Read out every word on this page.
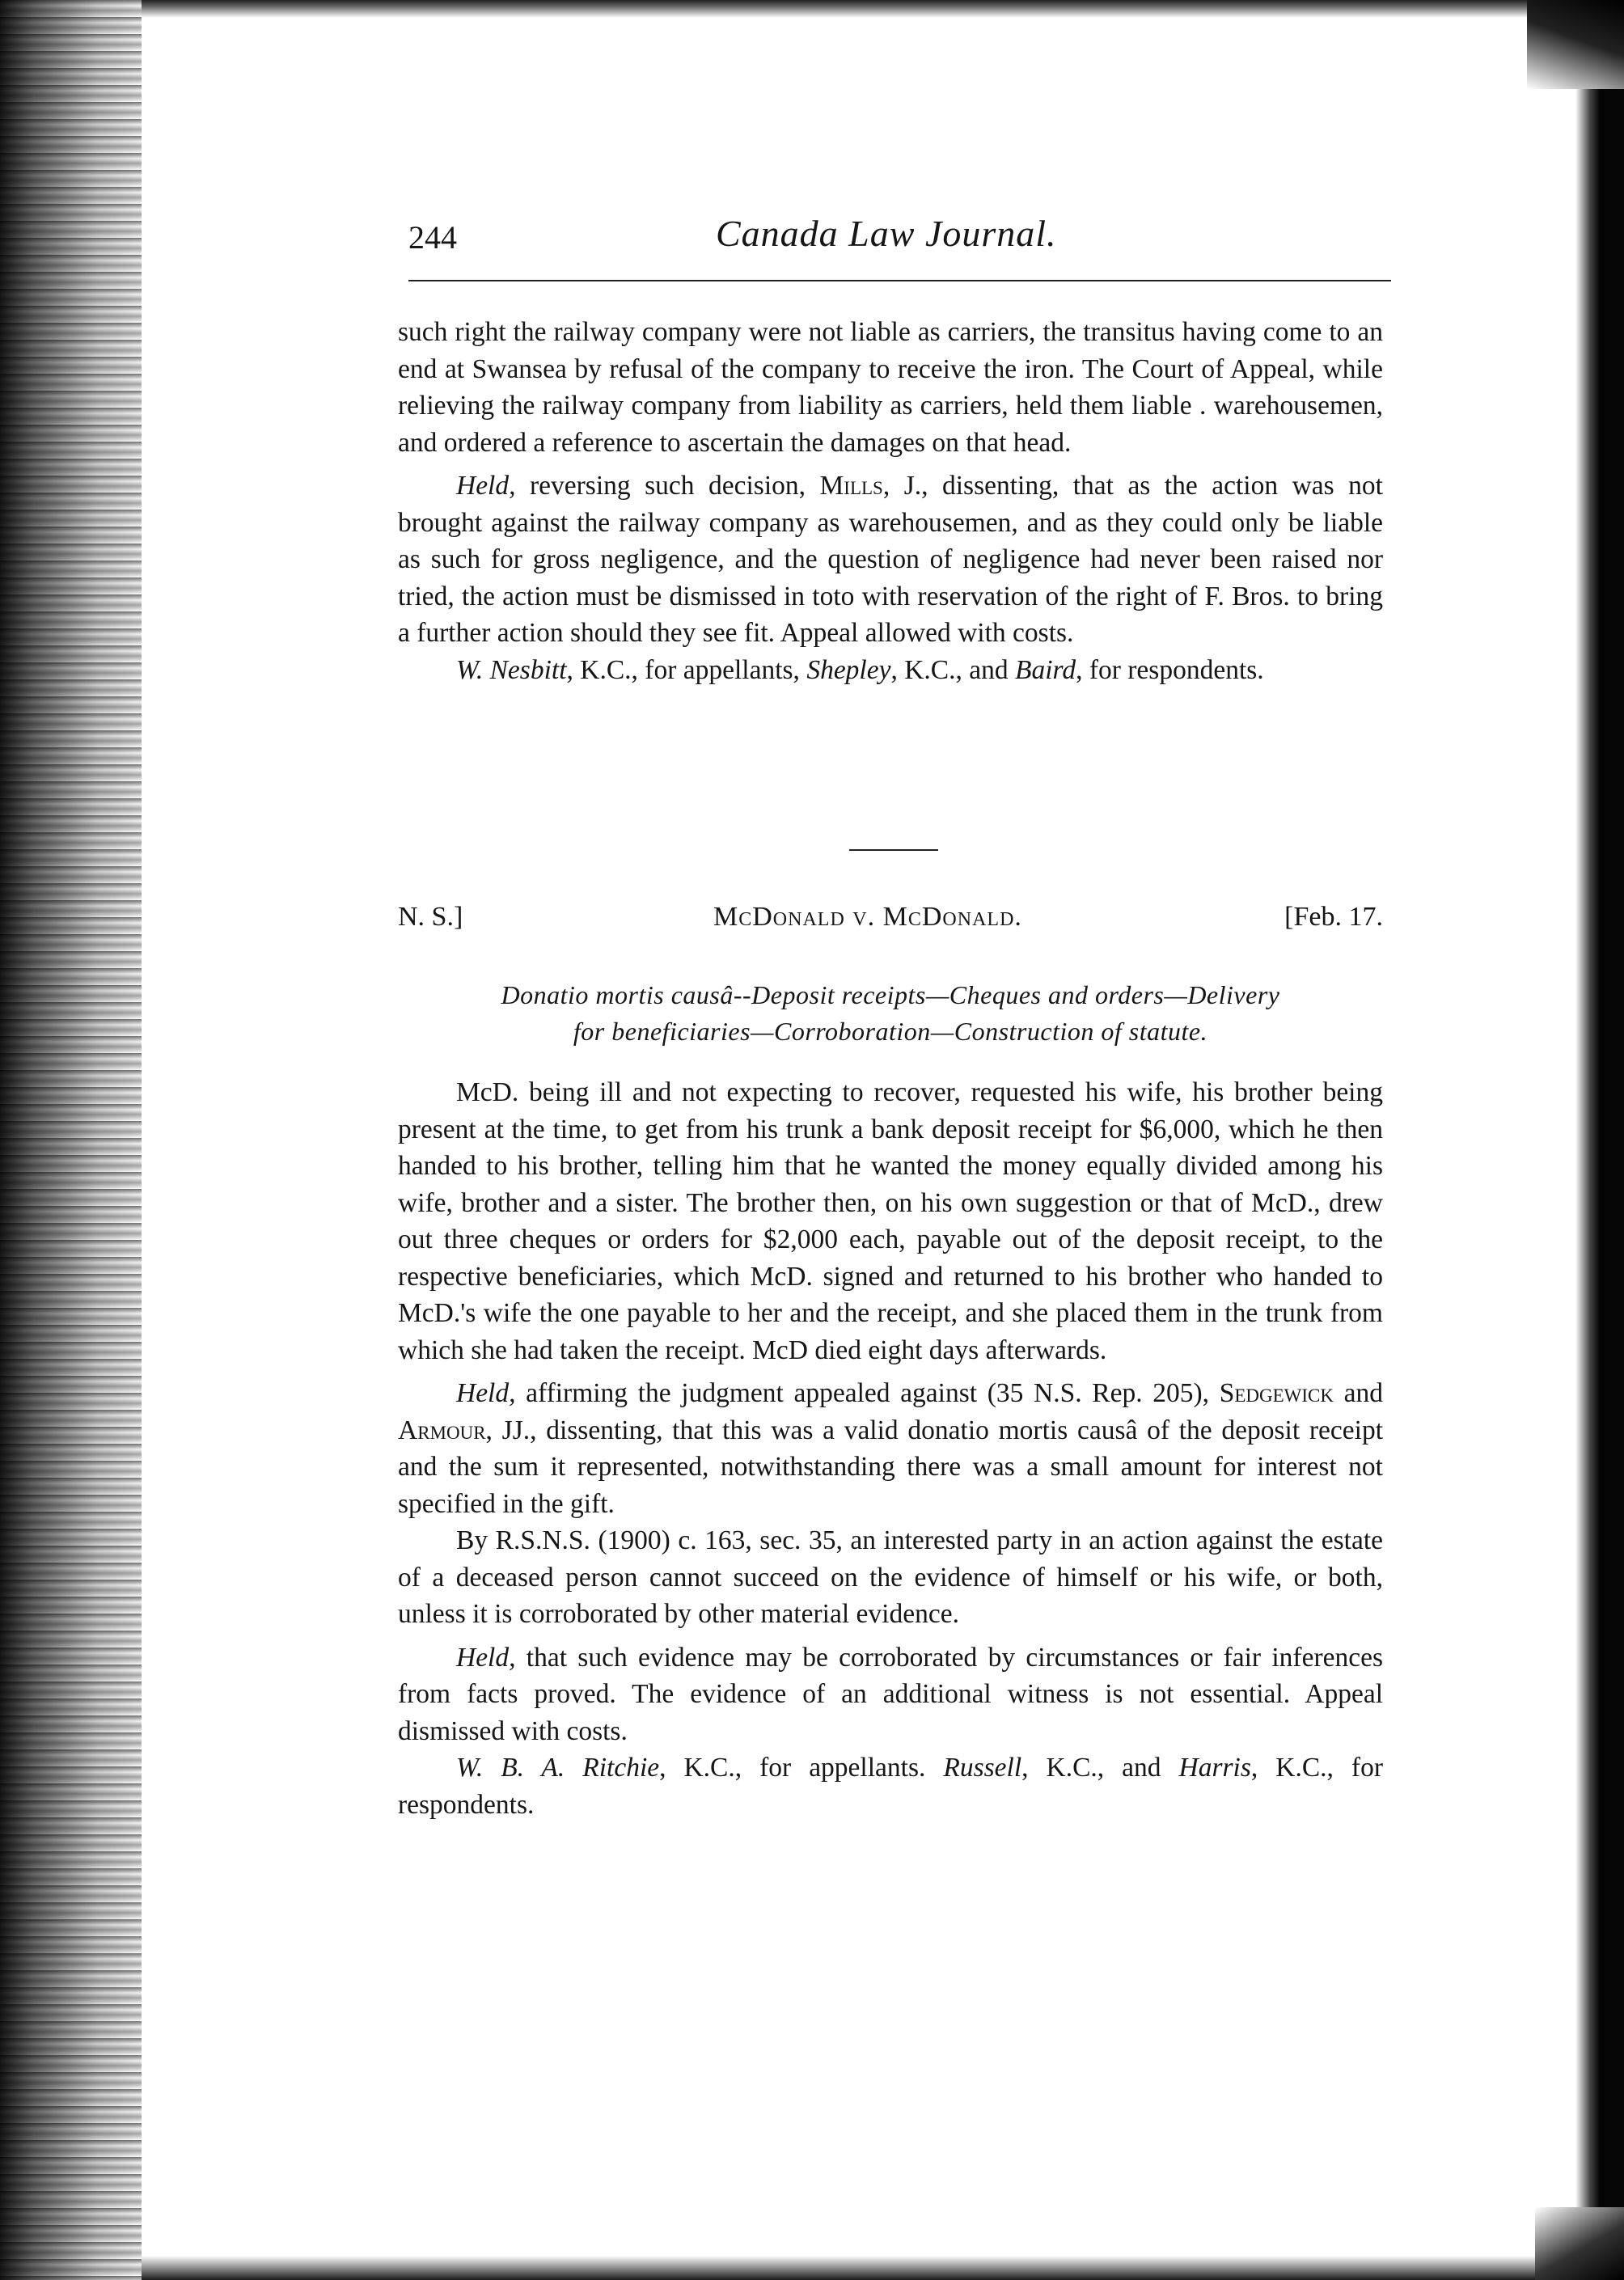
244	Canada Law Journal.

such right the railway company were not liable as carriers, the transitus having come to an end at Swansea by refusal of the company to receive the iron. The Court of Appeal, while relieving the railway company from liability as carriers, held them liable . warehousemen, and ordered a reference to ascertain the damages on that head.

Held, reversing such decision, Mills, J., dissenting, that as the action was not brought against the railway company as warehousemen, and as they could only be liable as such for gross negligence, and the question of negligence had never been raised nor tried, the action must be dismissed in toto with reservation of the right of F. Bros. to bring a further action should they see fit. Appeal allowed with costs.

W. Nesbitt, K.C., for appellants, Shepley, K.C., and Baird, for respondents.

N. S.]	McDonald v. McDonald.	[Feb. 17.
Donatio mortis causâ--Deposit receipts—Cheques and orders—Delivery
for beneficiaries—Corroboration—Construction of statute.

McD. being ill and not expecting to recover, requested his wife, his brother being present at the time, to get from his trunk a bank deposit receipt for $6,000, which he then handed to his brother, telling him that he wanted the money equally divided among his wife, brother and a sister. The brother then, on his own suggestion or that of McD., drew out three cheques or orders for $2,000 each, payable out of the deposit receipt, to the respective beneficiaries, which McD. signed and returned to his brother who handed to McD.'s wife the one payable to her and the receipt, and she placed them in the trunk from which she had taken the receipt. McD died eight days afterwards.

Held, affirming the judgment appealed against (35 N.S. Rep. 205), Sedgewick and Armour, JJ., dissenting, that this was a valid donatio mortis causâ of the deposit receipt and the sum it represented, notwithstanding there was a small amount for interest not specified in the gift.

By R.S.N.S. (1900) c. 163, sec. 35, an interested party in an action against the estate of a deceased person cannot succeed on the evidence of himself or his wife, or both, unless it is corroborated by other material evidence.

Held, that such evidence may be corroborated by circumstances or fair inferences from facts proved. The evidence of an additional witness is not essential. Appeal dismissed with costs.

W. B. A. Ritchie, K.C., for appellants. Russell, K.C., and Harris, K.C., for respondents.
